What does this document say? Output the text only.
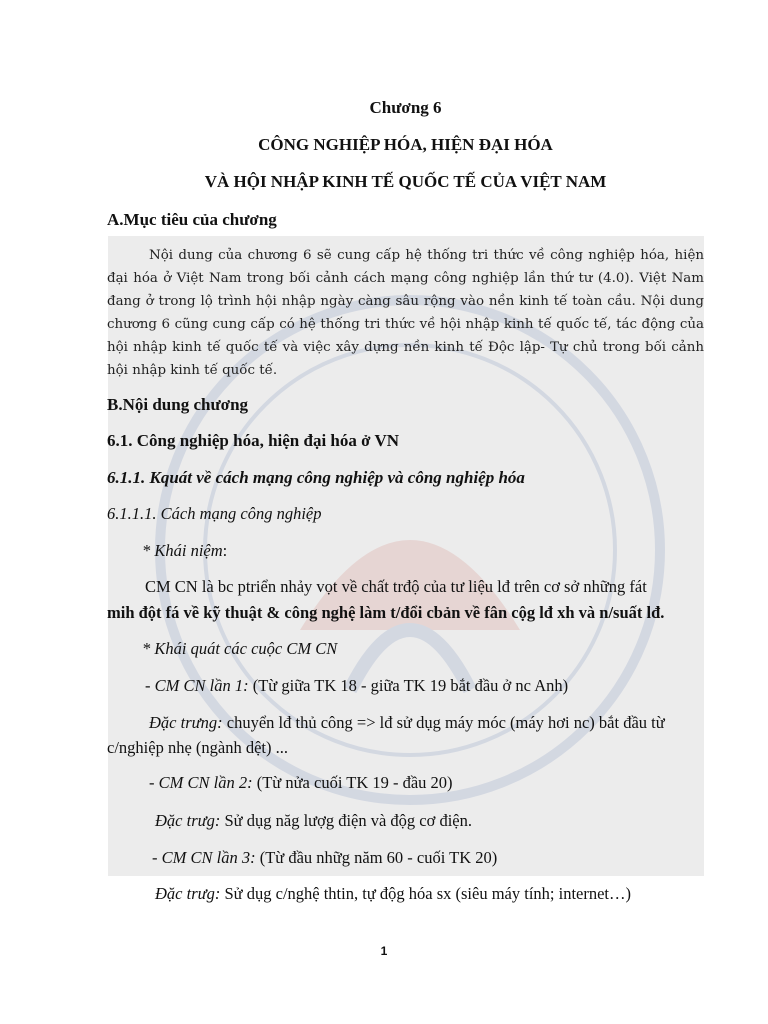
Chương 6
CÔNG NGHIỆP HÓA, HIỆN ĐẠI HÓA
VÀ HỘI NHẬP KINH TẾ QUỐC TẾ CỦA VIỆT NAM
A.Mục tiêu của chương

Nội dung của chương 6 sẽ cung cấp hệ thống tri thức về công nghiệp hóa, hiện đại hóa ở Việt Nam trong bối cảnh cách mạng công nghiệp lần thứ tư (4.0). Việt Nam đang ở trong lộ trình hội nhập ngày càng sâu rộng vào nền kinh tế toàn cầu. Nội dung chương 6 cũng cung cấp có hệ thống tri thức về hội nhập kinh tế quốc tế, tác động của hội nhập kinh tế quốc tế và việc xây dựng nền kinh tế Độc lập- Tự chủ trong bối cảnh hội nhập kinh tế quốc tế.

B.Nội dung chương
6.1. Công nghiệp hóa, hiện đại hóa ở VN
6.1.1. Kquát về cách mạng công nghiệp và công nghiệp hóa
6.1.1.1. Cách mạng công nghiệp
* Khái niệm:
CM CN là bc ptriển nhảy vọt về chất trđộ của tư liệu lđ trên cơ sở những fát
mih đột fá về kỹ thuật & công nghệ làm t/đổi cbản về fân cộg lđ xh và n/suất lđ.
* Khái quát các cuộc CM CN
- CM CN lần 1: (Từ giữa TK 18 - giữa TK 19 bắt đầu ở nc Anh)
Đặc trưng: chuyển lđ thủ công => lđ sử dụg máy móc (máy hơi nc) bắt đầu từ
c/nghiệp nhẹ (ngành dệt) ...
- CM CN lần 2: (Từ nửa cuối TK 19 - đầu 20)
Đặc trưg: Sử dụg năg lượg điện và độg cơ điện.
- CM CN lần 3: (Từ đầu nhữg năm 60 - cuối TK 20)
Đặc trưg: Sử dụg c/nghệ thtin, tự độg hóa sx (siêu máy tính; internet…)
1
